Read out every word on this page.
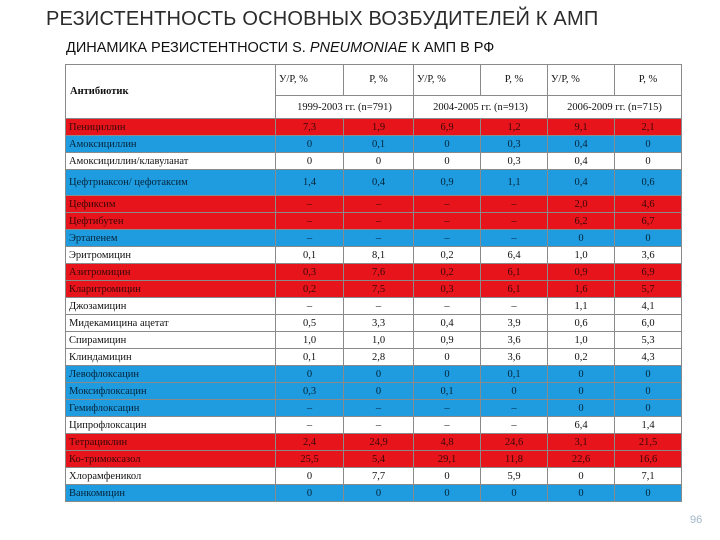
РЕЗИСТЕНТНОСТЬ ОСНОВНЫХ ВОЗБУДИТЕЛЕЙ К АМП
ДИНАМИКА РЕЗИСТЕНТНОСТИ S. PNEUMONIAE К АМП В РФ
Антибиотик	У/Р, %	Р, %	У/Р, %	Р, %	У/Р, %	Р, %
	1999-2003 гг. (n=791)		2004-2005 гг. (n=913)		2006-2009 гг. (n=715)	
Пенициллин	7,3	1,9	6,9	1,2	9,1	2,1
Амоксициллин	0	0,1	0	0,3	0,4	0
Амоксициллин/клавуланат	0	0	0	0,3	0,4	0
Цефтриаксон/ цефотаксим	1,4	0,4	0,9	1,1	0,4	0,6
Цефиксим	–	–	–	–	2,0	4,6
Цефтибутен	–	–	–	–	6,2	6,7
Эртапенем	–	–	–	–	0	0
Эритромицин	0,1	8,1	0,2	6,4	1,0	3,6
Азитромицин	0,3	7,6	0,2	6,1	0,9	6,9
Кларитромицин	0,2	7,5	0,3	6,1	1,6	5,7
Джозамицин	–	–	–	–	1,1	4,1
Мидекамицина ацетат	0,5	3,3	0,4	3,9	0,6	6,0
Спирамицин	1,0	1,0	0,9	3,6	1,0	5,3
Клиндамицин	0,1	2,8	0	3,6	0,2	4,3
Левофлоксацин	0	0	0	0,1	0	0
Моксифлоксацин	0,3	0	0,1	0	0	0
Гемифлоксацин	–	–	–	–	0	0
Ципрофлоксацин	–	–	–	–	6,4	1,4
Тетрациклин	2,4	24,9	4,8	24,6	3,1	21,5
Ко-тримоксазол	25,5	5,4	29,1	11,8	22,6	16,6
Хлорамфеникол	0	7,7	0	5,9	0	7,1
Ванкомицин	0	0	0	0	0	0
96
